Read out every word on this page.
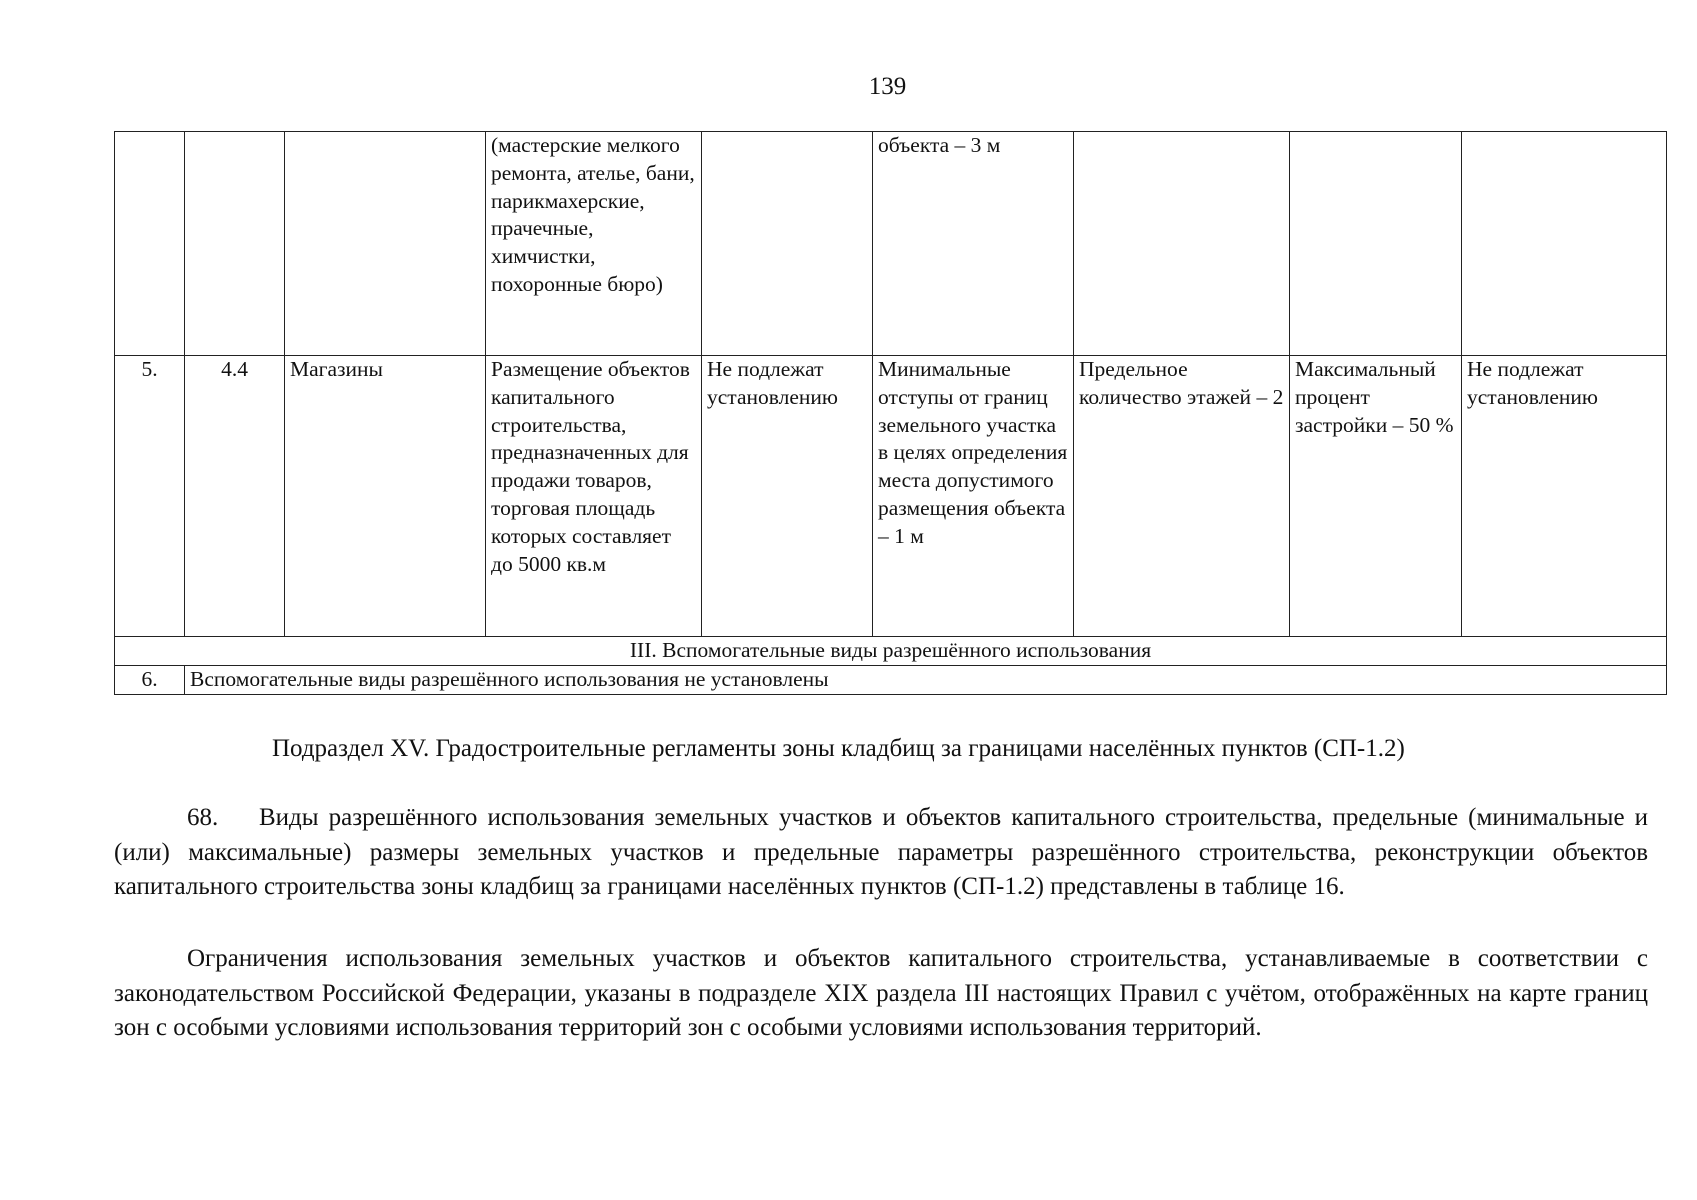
139
			(мастерские мелкого ремонта, ателье, бани, парикмахерские, прачечные, химчистки, похоронные бюро)		объекта – 3 м			
5.	4.4	Магазины	Размещение объектов капитального строительства, предназначенных для продажи товаров, торговая площадь которых составляет до 5000 кв.м	Не подлежат установлению	Минимальные отступы от границ земельного участка в целях определения места допустимого размещения объекта – 1 м	Предельное количество этажей – 2	Максимальный процент застройки – 50 %	Не подлежат установлению
III. Вспомогательные виды разрешённого использования								
6.	Вспомогательные виды разрешённого использования не установлены							
Подраздел XV. Градостроительные регламенты зоны кладбищ за границами населённых пунктов (СП-1.2)

68. Виды разрешённого использования земельных участков и объектов капитального строительства, предельные (минимальные и (или) максимальные) размеры земельных участков и предельные параметры разрешённого строительства, реконструкции объектов капитального строительства зоны кладбищ за границами населённых пунктов (СП-1.2) представлены в таблице 16.

Ограничения использования земельных участков и объектов капитального строительства, устанавливаемые в соответствии с законодательством Российской Федерации, указаны в подразделе XIX раздела III настоящих Правил с учётом, отображённых на карте границ зон с особыми условиями использования территорий зон с особыми условиями использования территорий.
